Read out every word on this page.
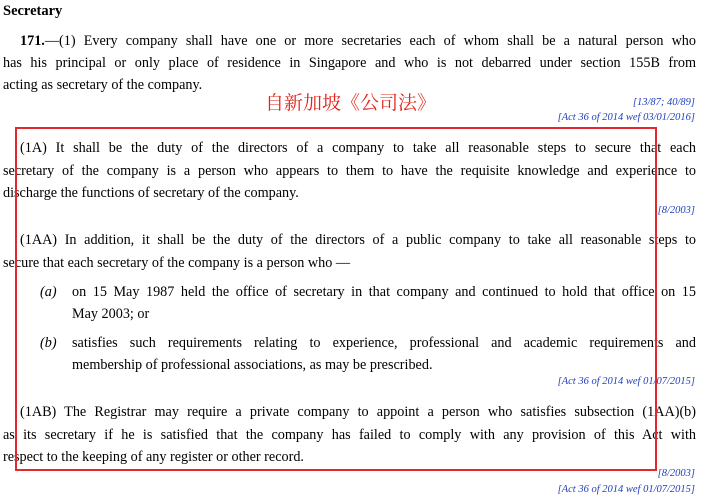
Secretary
171.—(1) Every company shall have one or more secretaries each of whom shall be a natural person who
has his principal or only place of residence in Singapore and who is not debarred under section 155B from
acting as secretary of the company.
[13/87; 40/89]
[Act 36 of 2014 wef 03/01/2016]
自新加坡《公司法》
(1A) It shall be the duty of the directors of a company to take all reasonable steps to secure that each
secretary of the company is a person who appears to them to have the requisite knowledge and experience to
discharge the functions of secretary of the company.
[8/2003]
(1AA) In addition, it shall be the duty of the directors of a public company to take all reasonable steps to
secure that each secretary of the company is a person who —
(a) on 15 May 1987 held the office of secretary in that company and continued to hold that office on 15
May 2003; or
(b) satisfies such requirements relating to experience, professional and academic requirements and
membership of professional associations, as may be prescribed.
[Act 36 of 2014 wef 01/07/2015]
(1AB) The Registrar may require a private company to appoint a person who satisfies subsection (1AA)(b)
as its secretary if he is satisfied that the company has failed to comply with any provision of this Act with
respect to the keeping of any register or other record.
[8/2003]
[Act 36 of 2014 wef 01/07/2015]
